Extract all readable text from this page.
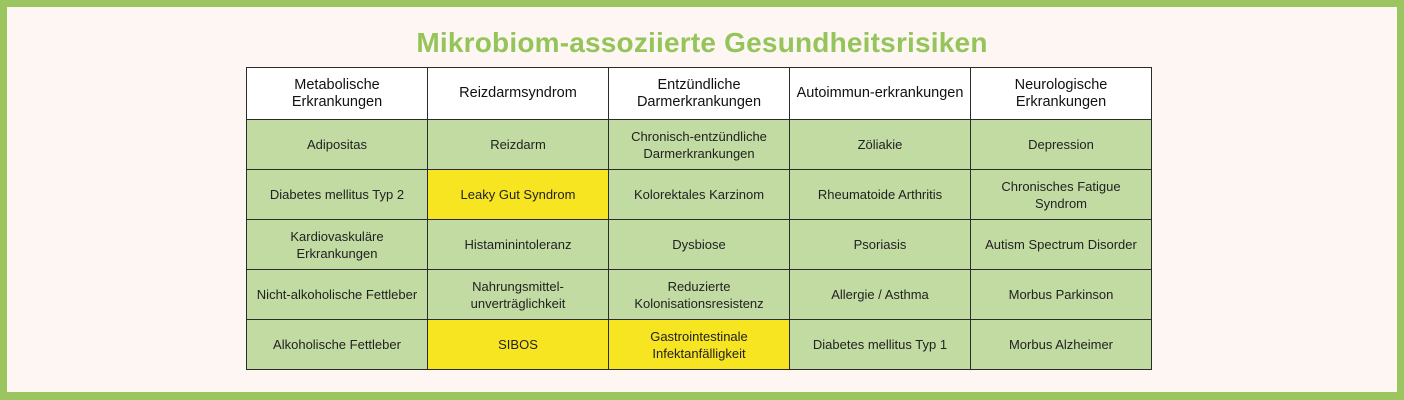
Mikrobiom-assoziierte Gesundheitsrisiken
Metabolische Erkrankungen	Reizdarmsyndrom	Entzündliche Darmerkrankungen	Autoimmun-erkrankungen	Neurologische Erkrankungen
Adipositas	Reizdarm	Chronisch-entzündliche Darmerkrankungen	Zöliakie	Depression
Diabetes mellitus Typ 2	Leaky Gut Syndrom	Kolorektales Karzinom	Rheumatoide Arthritis	Chronisches Fatigue Syndrom
Kardiovaskuläre Erkrankungen	Histaminintoleranz	Dysbiose	Psoriasis	Autism Spectrum Disorder
Nicht-alkoholische Fettleber	Nahrungsmittel-unverträglichkeit	Reduzierte Kolonisationsresistenz	Allergie / Asthma	Morbus Parkinson
Alkoholische Fettleber	SIBOS	Gastrointestinale Infektanfälligkeit	Diabetes mellitus Typ 1	Morbus Alzheimer
